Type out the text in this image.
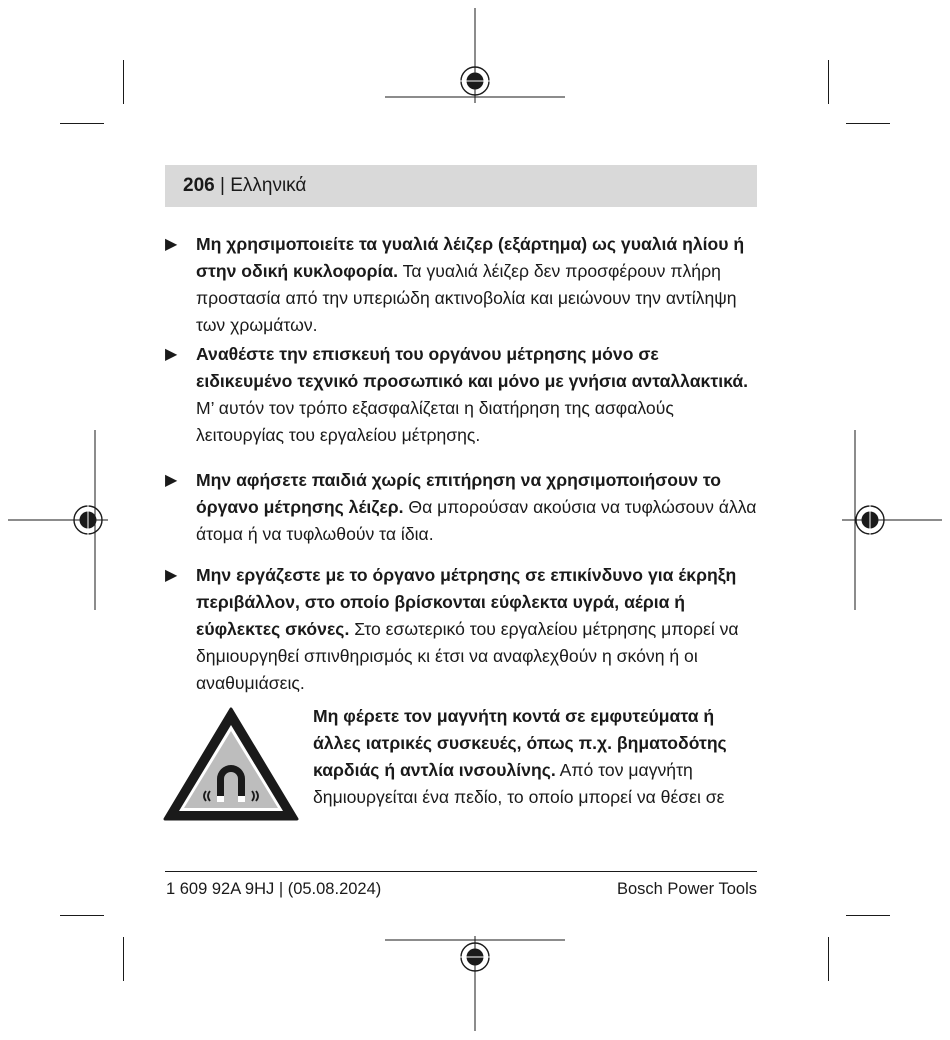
206 | Ελληνικά
▶	Μη χρησιμοποιείτε τα γυαλιά λέιζερ (εξάρτημα) ως γυαλιά ηλίου ή στην οδική κυκλοφορία. Τα γυαλιά λέιζερ δεν προσφέρουν πλήρη προστασία από την υπεριώδη ακτινοβολία και μειώνουν την αντίληψη των χρωμάτων.
▶	Αναθέστε την επισκευή του οργάνου μέτρησης μόνο σε ειδικευμένο τεχνικό προσωπικό και μόνο με γνήσια ανταλλακτικά. Μ’ αυτόν τον τρόπο εξασφαλίζεται η διατήρηση της ασφαλούς λειτουργίας του εργαλείου μέτρησης.
▶	Μην αφήσετε παιδιά χωρίς επιτήρηση να χρησιμοποιήσουν το όργανο μέτρησης λέιζερ. Θα μπορούσαν ακούσια να τυφλώσουν άλλα άτομα ή να τυφλωθούν τα ίδια.
▶	Μην εργάζεστε με το όργανο μέτρησης σε επικίνδυνο για έκρηξη περιβάλλον, στο οποίο βρίσκονται εύφλεκτα υγρά, αέρια ή εύφλεκτες σκόνες. Στο εσωτερικό του εργαλείου μέτρησης μπορεί να δημιουργηθεί σπινθηρισμός κι έτσι να αναφλεχθούν η σκόνη ή οι αναθυμιάσεις.
Μη φέρετε τον μαγνήτη κοντά σε εμφυτεύματα ή άλλες ιατρικές συσκευές, όπως π.χ. βηματοδότης καρδιάς ή αντλία ινσουλίνης. Από τον μαγνήτη δημιουργείται ένα πεδίο, το οποίο μπορεί να θέσει σε
1 609 92A 9HJ | (05.08.2024)	Bosch Power Tools
